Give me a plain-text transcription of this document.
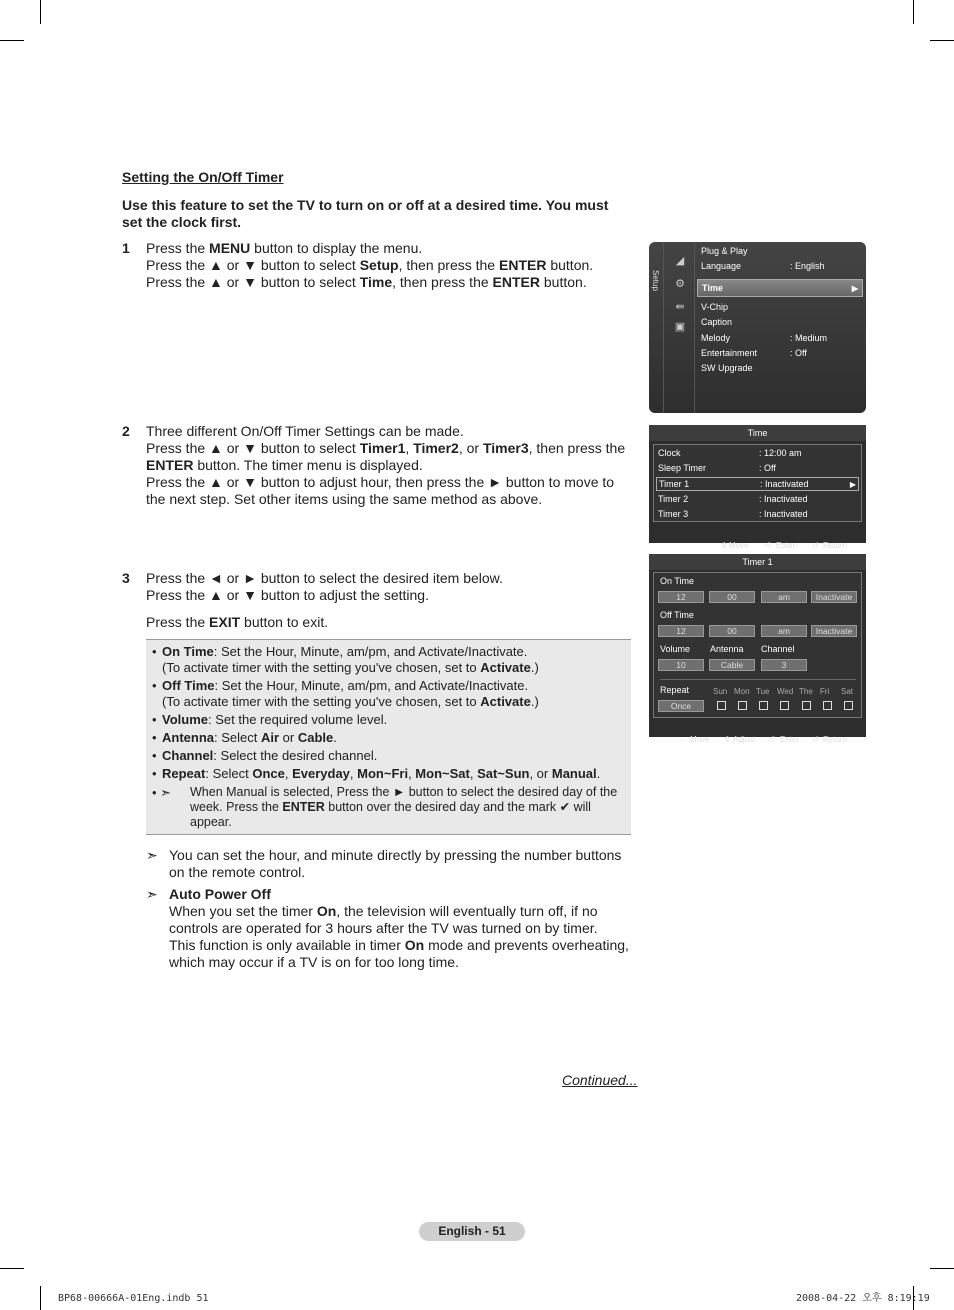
Setting the On/Off Timer
Use this feature to set the TV to turn on or off at a desired time. You must set the clock first.
1	Press the MENU button to display the menu.

Press the ▲ or ▼ button to select Setup, then press the ENTER button.

Press the ▲ or ▼ button to select Time, then press the ENTER button.

2	Three different On/Off Timer Settings can be made.

Press the ▲ or ▼ button to select Timer1, Timer2, or Timer3, then press the ENTER button. The timer menu is displayed.

Press the ▲ or ▼ button to adjust hour, then press the ► button to move to the next step. Set other items using the same method as above.

3	Press the ◄ or ► button to select the desired item below.

Press the ▲ or ▼ button to adjust the setting.

Press the EXIT button to exit.

• On Time: Set the Hour, Minute, am/pm, and Activate/Inactivate.
(To activate timer with the setting you've chosen, set to Activate.)
• Off Time: Set the Hour, Minute, am/pm, and Activate/Inactivate.
(To activate timer with the setting you've chosen, set to Activate.)
• Volume: Set the required volume level.
• Antenna: Select Air or Cable.
• Channel: Select the desired channel.
• Repeat: Select Once, Everyday, Mon~Fri, Mon~Sat, Sat~Sun, or Manual.
• ➣	When Manual is selected, Press the ► button to select the desired day of the week. Press the ENTER button over the desired day and the mark ✔ will appear.
➣ You can set the hour, and minute directly by pressing the number buttons on the remote control.
➣ Auto Power Off
When you set the timer On, the television will eventually turn off, if no controls are operated for 3 hours after the TV was turned on by timer.
This function is only available in timer On mode and prevents overheating, which may occur if a TV is on for too long time.
Continued...
English - 51
BP68-00666A-01Eng.indb 51	2008-04-22 오후 8:19:19
Setup
◢
⚙
⇚
▣
Plug & Play
Language	: English
Time	▶
V-Chip
Caption
Melody	: Medium
Entertainment	: Off
SW Upgrade
Time
Clock	: 12:00 am
Sleep Timer	: Off
Timer 1	: Inactivated	▶
Timer 2	: Inactivated
Timer 3	: Inactivated
⇕ Move ⏎ Enter ↺ Return
Timer 1
On Time
12	00	am	Inactivate
Off Time
12	00	am	Inactivate
Volume Antenna Channel
10	Cable	3
Repeat
Once
Sun Mon Tue Wed The Fri Sat
⇔ Move ⇕ Adjust ⏎ Enter ↺ Return
